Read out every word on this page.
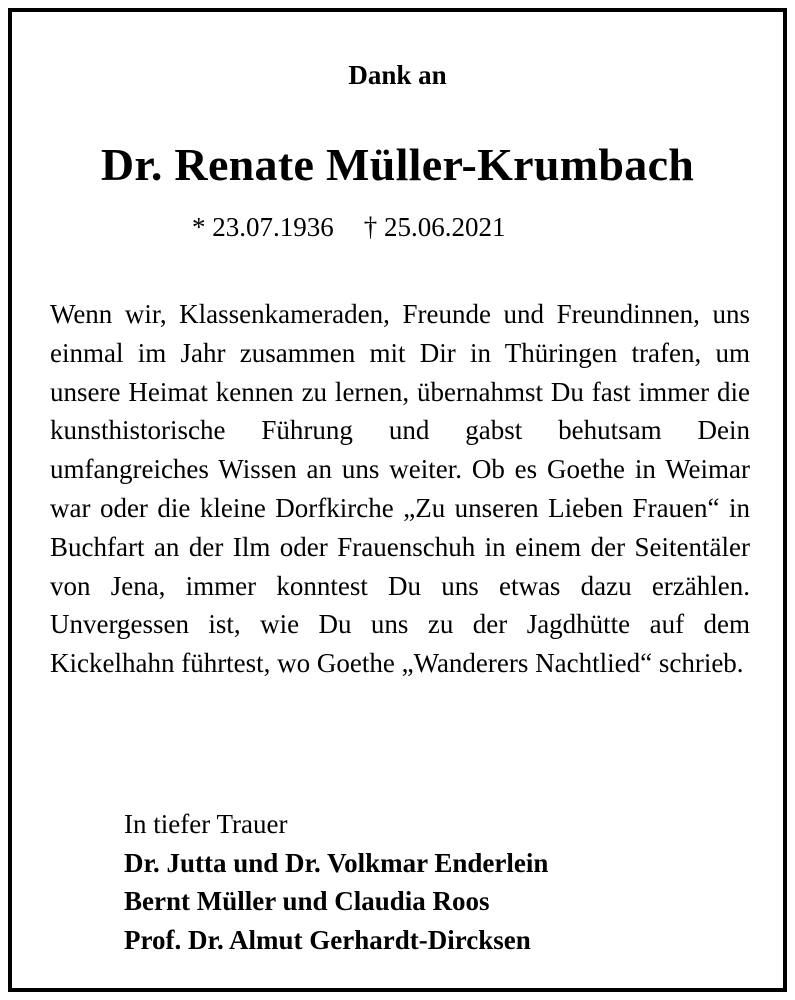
Dank an
Dr. Renate Müller-Krumbach
* 23.07.1936 † 25.06.2021
Wenn wir, Klassenkameraden, Freunde und Freundinnen, uns einmal im Jahr zusammen mit Dir in Thüringen trafen, um unsere Heimat kennen zu lernen, übernahmst Du fast immer die kunsthistorische Führung und gabst behutsam Dein umfangreiches Wissen an uns weiter. Ob es Goethe in Weimar war oder die kleine Dorfkirche „Zu unseren Lieben Frauen“ in Buchfart an der Ilm oder Frauenschuh in einem der Seitentäler von Jena, immer konntest Du uns etwas dazu erzählen. Unvergessen ist, wie Du uns zu der Jagdhütte auf dem Kickelhahn führtest, wo Goethe „Wanderers Nachtlied“ schrieb.
In tiefer Trauer
Dr. Jutta und Dr. Volkmar Enderlein
Bernt Müller und Claudia Roos
Prof. Dr. Almut Gerhardt-Dircksen
